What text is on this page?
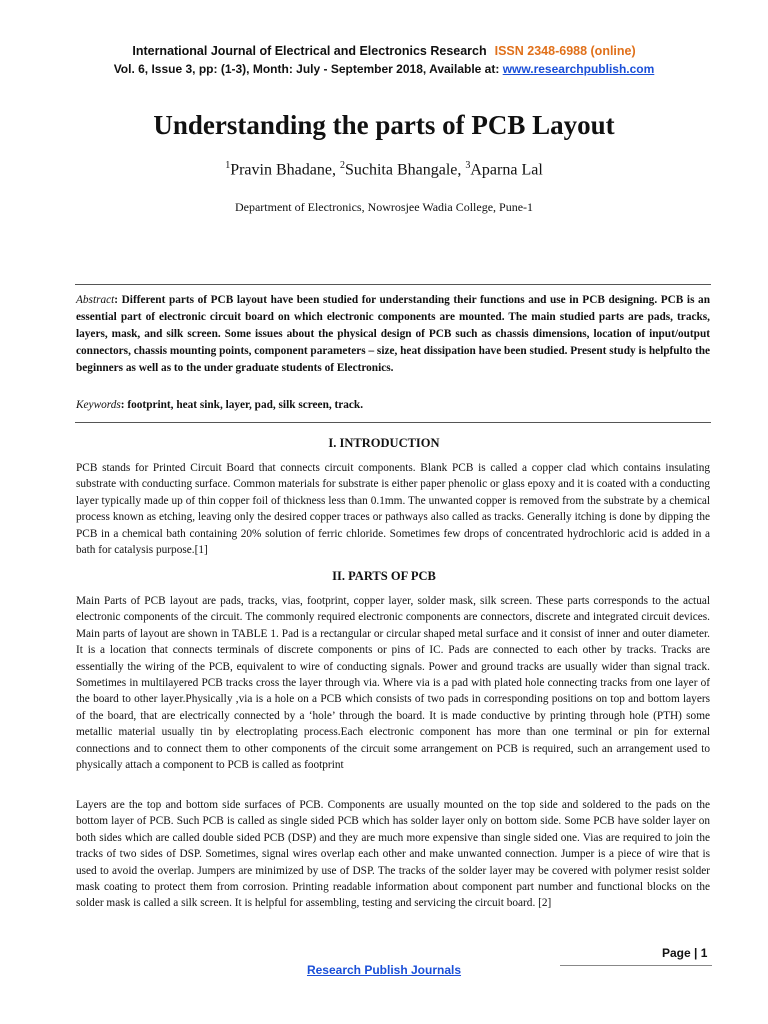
International Journal of Electrical and Electronics Research ISSN 2348-6988 (online)
Vol. 6, Issue 3, pp: (1-3), Month: July - September 2018, Available at: www.researchpublish.com
Understanding the parts of PCB Layout
$^1$Pravin Bhadane, $^2$Suchita Bhangale, $^3$Aparna Lal
Department of Electronics, Nowrosjee Wadia College, Pune-1
Abstract: Different parts of PCB layout have been studied for understanding their functions and use in PCB designing. PCB is an essential part of electronic circuit board on which electronic components are mounted. The main studied parts are pads, tracks, layers, mask, and silk screen. Some issues about the physical design of PCB such as chassis dimensions, location of input/output connectors, chassis mounting points, component parameters – size, heat dissipation have been studied. Present study is helpfulto the beginners as well as to the under graduate students of Electronics.
Keywords: footprint, heat sink, layer, pad, silk screen, track.
I. INTRODUCTION

PCB stands for Printed Circuit Board that connects circuit components. Blank PCB is called a copper clad which contains insulating substrate with conducting surface. Common materials for substrate is either paper phenolic or glass epoxy and it is coated with a conducting layer typically made up of thin copper foil of thickness less than 0.1mm. The unwanted copper is removed from the substrate by a chemical process known as etching, leaving only the desired copper traces or pathways also called as tracks. Generally itching is done by dipping the PCB in a chemical bath containing 20% solution of ferric chloride. Sometimes few drops of concentrated hydrochloric acid is added in a bath for catalysis purpose.[1]

II. PARTS OF PCB

Main Parts of PCB layout are pads, tracks, vias, footprint, copper layer, solder mask, silk screen. These parts corresponds to the actual electronic components of the circuit. The commonly required electronic components are connectors, discrete and integrated circuit devices. Main parts of layout are shown in TABLE 1. Pad is a rectangular or circular shaped metal surface and it consist of inner and outer diameter. It is a location that connects terminals of discrete components or pins of IC. Pads are connected to each other by tracks. Tracks are essentially the wiring of the PCB, equivalent to wire of conducting signals. Power and ground tracks are usually wider than signal track. Sometimes in multilayered PCB tracks cross the layer through via. Where via is a pad with plated hole connecting tracks from one layer of the board to other layer.Physically ,via is a hole on a PCB which consists of two pads in corresponding positions on top and bottom layers of the board, that are electrically connected by a ‘hole’ through the board. It is made conductive by printing through hole (PTH) some metallic material usually tin by electroplating process.Each electronic component has more than one terminal or pin for external connections and to connect them to other components of the circuit some arrangement on PCB is required, such an arrangement used to physically attach a component to PCB is called as footprint

Layers are the top and bottom side surfaces of PCB. Components are usually mounted on the top side and soldered to the pads on the bottom layer of PCB. Such PCB is called as single sided PCB which has solder layer only on bottom side. Some PCB have solder layer on both sides which are called double sided PCB (DSP) and they are much more expensive than single sided one. Vias are required to join the tracks of two sides of DSP. Sometimes, signal wires overlap each other and make unwanted connection. Jumper is a piece of wire that is used to avoid the overlap. Jumpers are minimized by use of DSP. The tracks of the solder layer may be covered with polymer resist solder mask coating to protect them from corrosion. Printing readable information about component part number and functional blocks on the solder mask is called a silk screen. It is helpful for assembling, testing and servicing the circuit board. [2]

Page | 1
Research Publish Journals
